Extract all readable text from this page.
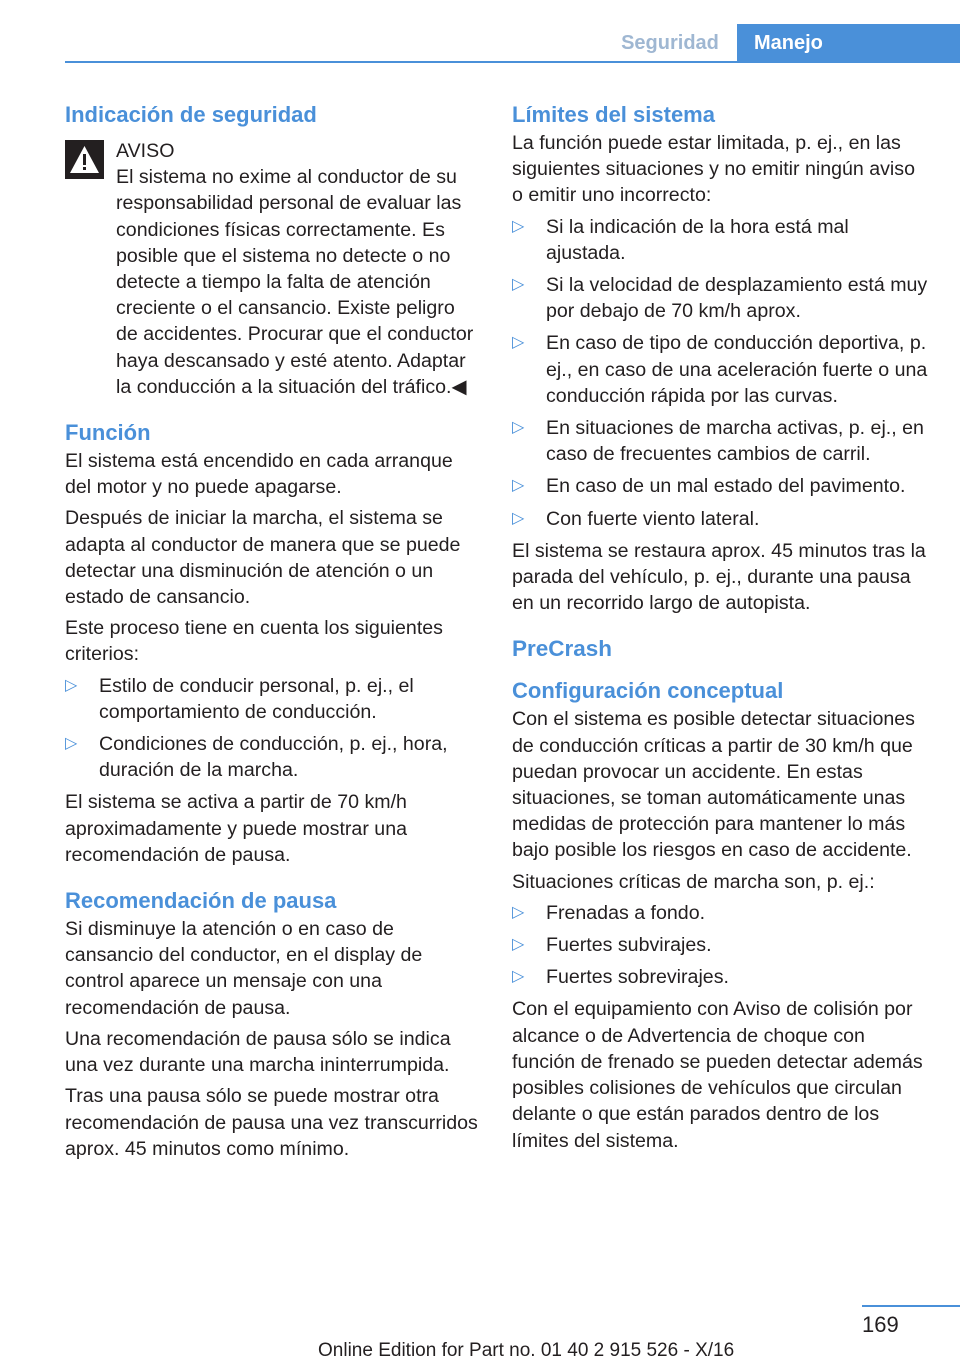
Seguridad	Manejo
Indicación de seguridad
AVISO
El sistema no exime al conductor de su responsabilidad personal de evaluar las condiciones físicas correctamente. Es posible que el sistema no detecte o no detecte a tiempo la falta de atención creciente o el cansancio. Existe peligro de accidentes. Procurar que el conductor haya descansado y esté atento. Adaptar la conducción a la situación del tráfico.◀
Función

El sistema está encendido en cada arranque del motor y no puede apagarse.

Después de iniciar la marcha, el sistema se adapta al conductor de manera que se puede detectar una disminución de atención o un estado de cansancio.

Este proceso tiene en cuenta los siguientes criterios:

▷ Estilo de conducir personal, p. ej., el comportamiento de conducción.
▷ Condiciones de conducción, p. ej., hora, duración de la marcha.

El sistema se activa a partir de 70 km/h aproximadamente y puede mostrar una recomendación de pausa.

Recomendación de pausa

Si disminuye la atención o en caso de cansancio del conductor, en el display de control aparece un mensaje con una recomendación de pausa.

Una recomendación de pausa sólo se indica una vez durante una marcha ininterrumpida.

Tras una pausa sólo se puede mostrar otra recomendación de pausa una vez transcurridos aprox. 45 minutos como mínimo.

Límites del sistema

La función puede estar limitada, p. ej., en las siguientes situaciones y no emitir ningún aviso o emitir uno incorrecto:

▷ Si la indicación de la hora está mal ajustada.
▷ Si la velocidad de desplazamiento está muy por debajo de 70 km/h aprox.
▷ En caso de tipo de conducción deportiva, p. ej., en caso de una aceleración fuerte o una conducción rápida por las curvas.
▷ En situaciones de marcha activas, p. ej., en caso de frecuentes cambios de carril.
▷ En caso de un mal estado del pavimento.
▷ Con fuerte viento lateral.

El sistema se restaura aprox. 45 minutos tras la parada del vehículo, p. ej., durante una pausa en un recorrido largo de autopista.

PreCrash
Configuración conceptual

Con el sistema es posible detectar situaciones de conducción críticas a partir de 30 km/h que puedan provocar un accidente. En estas situaciones, se toman automáticamente unas medidas de protección para mantener lo más bajo posible los riesgos en caso de accidente.

Situaciones críticas de marcha son, p. ej.:

▷ Frenadas a fondo.
▷ Fuertes subvirajes.
▷ Fuertes sobrevirajes.

Con el equipamiento con Aviso de colisión por alcance o de Advertencia de choque con función de frenado se pueden detectar además posibles colisiones de vehículos que circulan delante o que están parados dentro de los límites del sistema.

169
Online Edition for Part no. 01 40 2 915 526 - X/16
